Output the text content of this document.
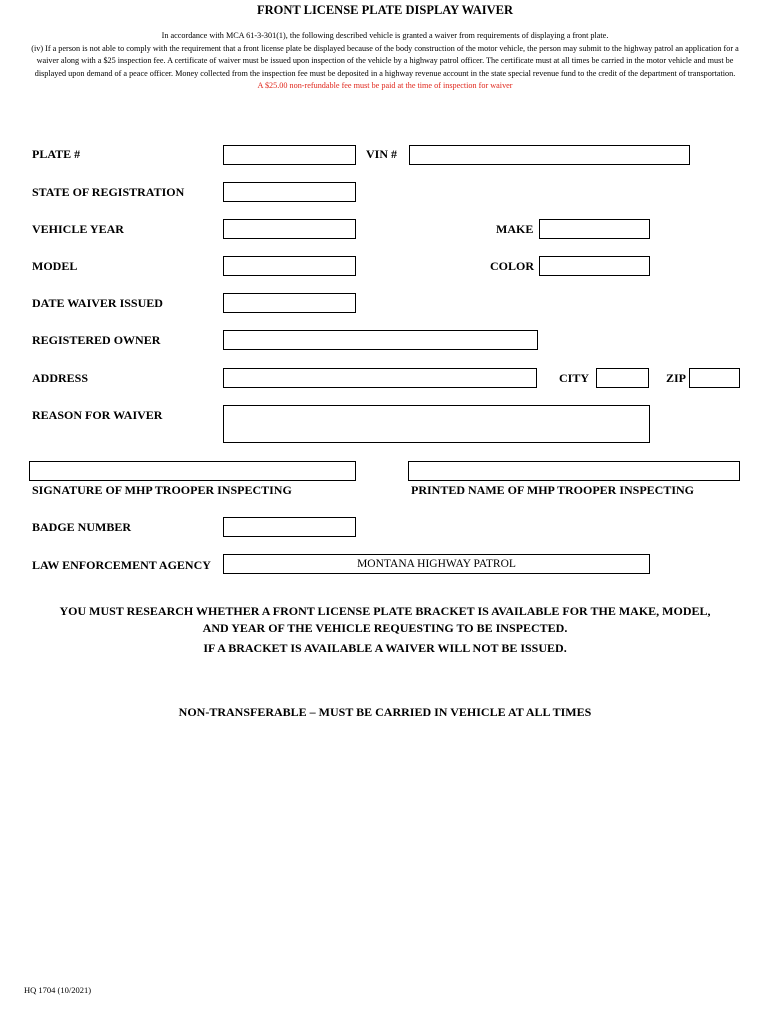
FRONT LICENSE PLATE DISPLAY WAIVER
In accordance with MCA 61-3-301(1), the following described vehicle is granted a waiver from requirements of displaying a front plate.
(iv) If a person is not able to comply with the requirement that a front license plate be displayed because of the body construction of the motor vehicle, the person may submit to the highway patrol an application for a waiver along with a $25 inspection fee. A certificate of waiver must be issued upon inspection of the vehicle by a highway patrol officer. The certificate must at all times be carried in the motor vehicle and must be displayed upon demand of a peace officer. Money collected from the inspection fee must be deposited in a highway revenue account in the state special revenue fund to the credit of the department of transportation.
A $25.00 non-refundable fee must be paid at the time of inspection for waiver
PLATE #	VIN #
STATE OF REGISTRATION
VEHICLE YEAR	MAKE
MODEL	COLOR
DATE WAIVER ISSUED
REGISTERED OWNER
ADDRESS	CITY	ZIP
REASON FOR WAIVER
SIGNATURE OF MHP TROOPER INSPECTING	PRINTED NAME OF MHP TROOPER INSPECTING
BADGE NUMBER
LAW ENFORCEMENT AGENCY	MONTANA HIGHWAY PATROL
YOU MUST RESEARCH WHETHER A FRONT LICENSE PLATE BRACKET IS AVAILABLE FOR THE MAKE, MODEL,
AND YEAR OF THE VEHICLE REQUESTING TO BE INSPECTED.
IF A BRACKET IS AVAILABLE A WAIVER WILL NOT BE ISSUED.
NON-TRANSFERABLE – MUST BE CARRIED IN VEHICLE AT ALL TIMES
HQ 1704 (10/2021)
